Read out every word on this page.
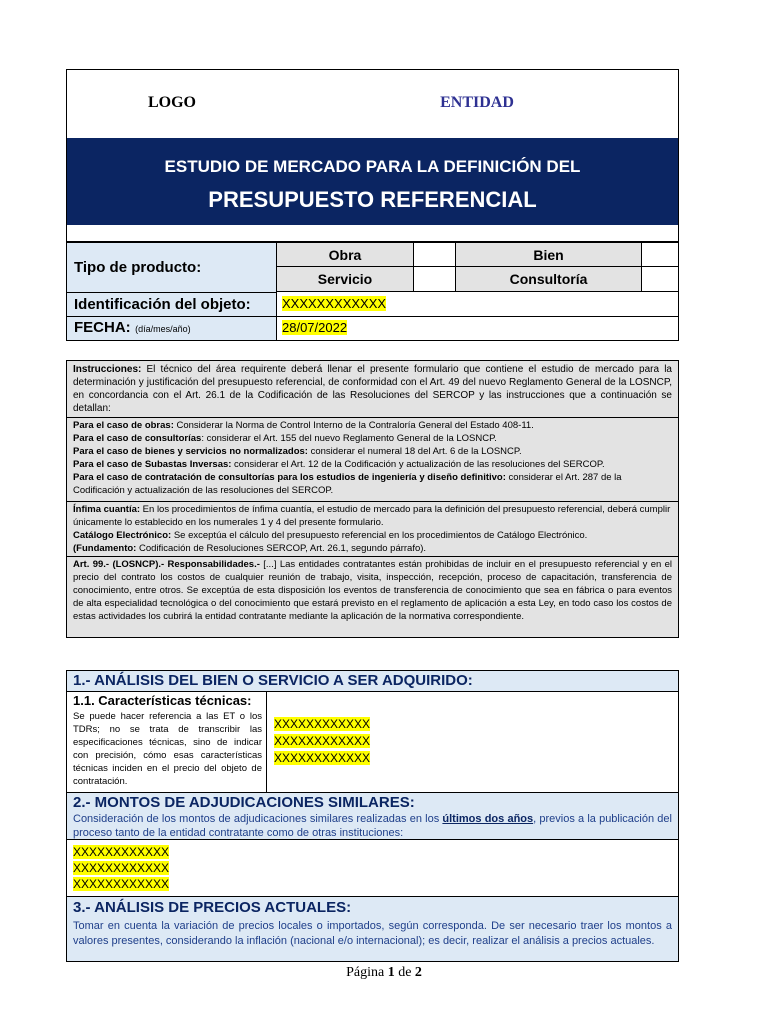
LOGO	ENTIDAD
ESTUDIO DE MERCADO PARA LA DEFINICIÓN DEL
PRESUPUESTO REFERENCIAL
Tipo de producto:
Obra	Bien
Servicio	Consultoría
Identificación del objeto: XXXXXXXXXXXX
FECHA: (día/mes/año)	28/07/2022
Instrucciones: El técnico del área requirente deberá llenar el presente formulario que contiene el estudio de mercado para la determinación y justificación del presupuesto referencial, de conformidad con el Art. 49 del nuevo Reglamento General de la LOSNCP, en concordancia con el Art. 26.1 de la Codificación de las Resoluciones del SERCOP y las instrucciones que a continuación se detallan:
Para el caso de obras: Considerar la Norma de Control Interno de la Contraloría General del Estado 408-11.
Para el caso de consultorías: considerar el Art. 155 del nuevo Reglamento General de la LOSNCP.
Para el caso de bienes y servicios no normalizados: considerar el numeral 18 del Art. 6 de la LOSNCP.
Para el caso de Subastas Inversas: considerar el Art. 12 de la Codificación y actualización de las resoluciones del SERCOP.
Para el caso de contratación de consultorías para los estudios de ingeniería y diseño definitivo: considerar el Art. 287 de la Codificación y actualización de las resoluciones del SERCOP.
Ínfima cuantía: En los procedimientos de ínfima cuantía, el estudio de mercado para la definición del presupuesto referencial, deberá cumplir únicamente lo establecido en los numerales 1 y 4 del presente formulario.
Catálogo Electrónico: Se exceptúa el cálculo del presupuesto referencial en los procedimientos de Catálogo Electrónico.
(Fundamento: Codificación de Resoluciones SERCOP, Art. 26.1, segundo párrafo).
Art. 99.- (LOSNCP).- Responsabilidades.- [...] Las entidades contratantes están prohibidas de incluir en el presupuesto referencial y en el precio del contrato los costos de cualquier reunión de trabajo, visita, inspección, recepción, proceso de capacitación, transferencia de conocimiento, entre otros. Se exceptúa de esta disposición los eventos de transferencia de conocimiento que sea en fábrica o para eventos de alta especialidad tecnológica o del conocimiento que estará previsto en el reglamento de aplicación a esta Ley, en todo caso los costos de estas actividades los cubrirá la entidad contratante mediante la aplicación de la normativa correspondiente.
1.- ANÁLISIS DEL BIEN O SERVICIO A SER ADQUIRIDO:
1.1. Características técnicas:
Se puede hacer referencia a las ET o los TDRs; no se trata de transcribir las especificaciones técnicas, sino de indicar con precisión, cómo esas características técnicas inciden en el precio del objeto de contratación.
XXXXXXXXXXXX
XXXXXXXXXXXX
XXXXXXXXXXXX
2.- MONTOS DE ADJUDICACIONES SIMILARES:
Consideración de los montos de adjudicaciones similares realizadas en los últimos dos años, previos a la publicación del proceso tanto de la entidad contratante como de otras instituciones:
XXXXXXXXXXXX
XXXXXXXXXXXX
XXXXXXXXXXXX
3.- ANÁLISIS DE PRECIOS ACTUALES:
Tomar en cuenta la variación de precios locales o importados, según corresponda. De ser necesario traer los montos a valores presentes, considerando la inflación (nacional e/o internacional); es decir, realizar el análisis a precios actuales.
Página 1 de 2
